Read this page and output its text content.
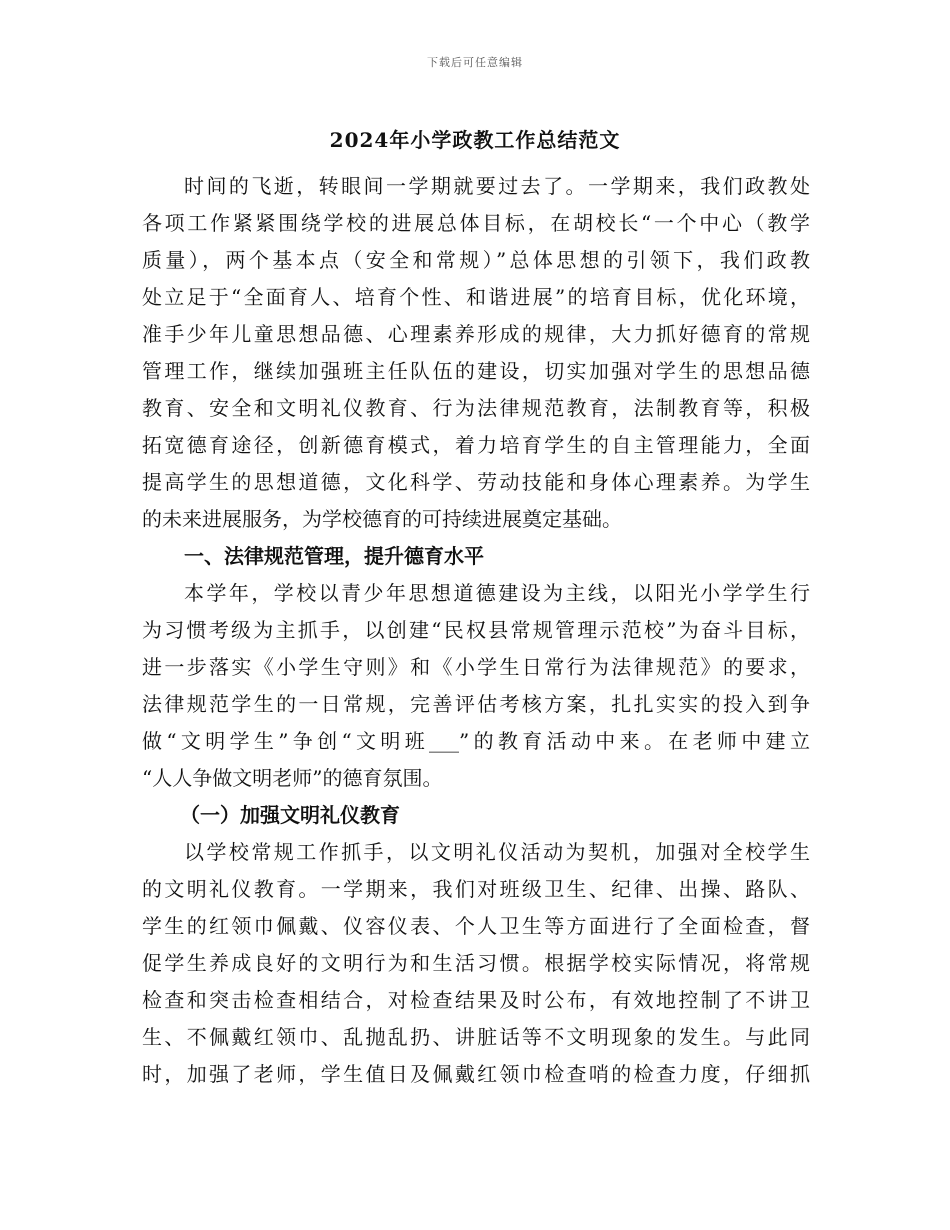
下载后可任意编辑
2024年小学政教工作总结范文
时间的飞逝，转眼间一学期就要过去了。一学期来，我们政教处
各项工作紧紧围绕学校的进展总体目标，在胡校长“一个中心（教学
质量），两个基本点（安全和常规）”总体思想的引领下，我们政教
处立足于“全面育人、培育个性、和谐进展”的培育目标，优化环境，
准手少年儿童思想品德、心理素养形成的规律，大力抓好德育的常规
管理工作，继续加强班主任队伍的建设，切实加强对学生的思想品德
教育、安全和文明礼仪教育、行为法律规范教育，法制教育等，积极
拓宽德育途径，创新德育模式，着力培育学生的自主管理能力，全面
提高学生的思想道德，文化科学、劳动技能和身体心理素养。为学生
的未来进展服务，为学校德育的可持续进展奠定基础。
一、法律规范管理，提升德育水平
本学年，学校以青少年思想道德建设为主线，以阳光小学学生行
为习惯考级为主抓手，以创建“民权县常规管理示范校”为奋斗目标，
进一步落实《小学生守则》和《小学生日常行为法律规范》的要求，
法律规范学生的一日常规，完善评估考核方案，扎扎实实的投入到争
做“文明学生”争创“文明班___”的教育活动中来。在老师中建立
“人人争做文明老师”的德育氛围。
（一）加强文明礼仪教育
以学校常规工作抓手，以文明礼仪活动为契机，加强对全校学生
的文明礼仪教育。一学期来，我们对班级卫生、纪律、出操、路队、
学生的红领巾佩戴、仪容仪表、个人卫生等方面进行了全面检查，督
促学生养成良好的文明行为和生活习惯。根据学校实际情况，将常规
检查和突击检查相结合，对检查结果及时公布，有效地控制了不讲卫
生、不佩戴红领巾、乱抛乱扔、讲脏话等不文明现象的发生。与此同
时，加强了老师，学生值日及佩戴红领巾检查哨的检查力度，仔细抓
